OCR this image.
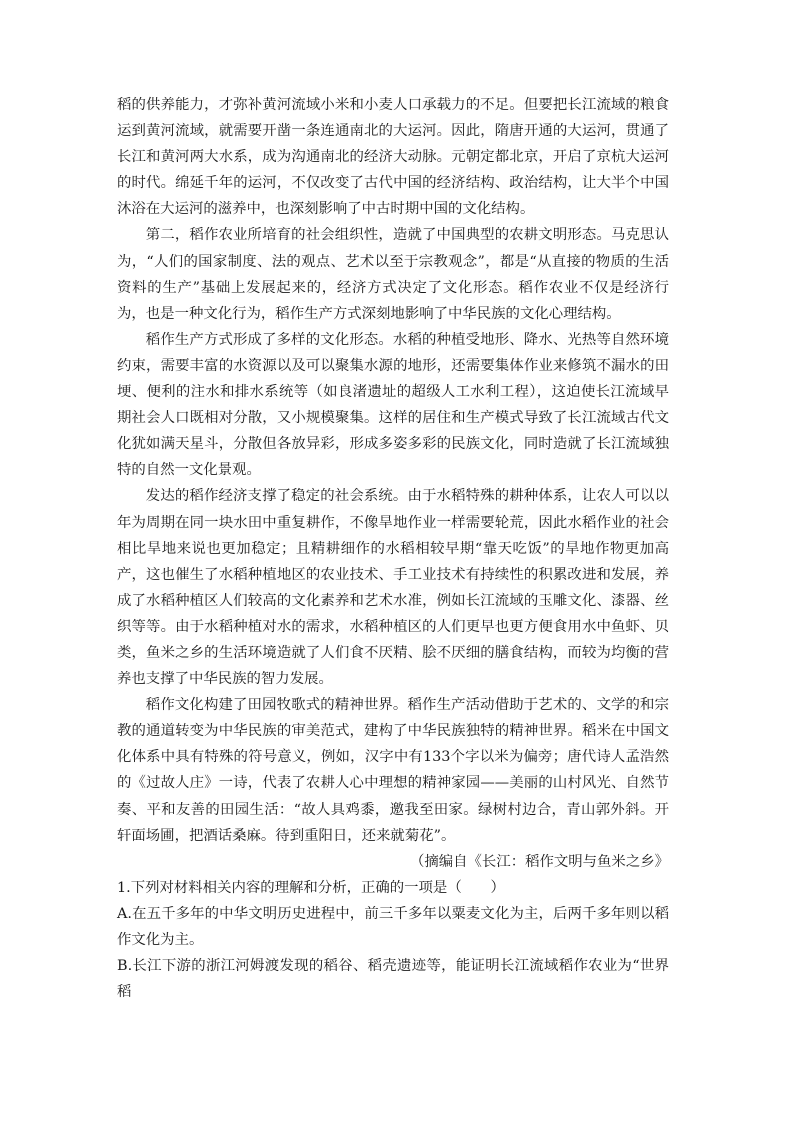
稻的供养能力，才弥补黄河流域小米和小麦人口承载力的不足。但要把长江流域的粮食运到黄河流域，就需要开凿一条连通南北的大运河。因此，隋唐开通的大运河，贯通了长江和黄河两大水系，成为沟通南北的经济大动脉。元朝定都北京，开启了京杭大运河的时代。绵延千年的运河，不仅改变了古代中国的经济结构、政治结构，让大半个中国沐浴在大运河的滋养中，也深刻影响了中古时期中国的文化结构。

第二，稻作农业所培育的社会组织性，造就了中国典型的农耕文明形态。马克思认为，“人们的国家制度、法的观点、艺术以至于宗教观念”，都是“从直接的物质的生活资料的生产”基础上发展起来的，经济方式决定了文化形态。稻作农业不仅是经济行为，也是一种文化行为，稻作生产方式深刻地影响了中华民族的文化心理结构。

稻作生产方式形成了多样的文化形态。水稻的种植受地形、降水、光热等自然环境约束，需要丰富的水资源以及可以聚集水源的地形，还需要集体作业来修筑不漏水的田埂、便利的注水和排水系统等（如良渚遗址的超级人工水利工程），这迫使长江流域早期社会人口既相对分散，又小规模聚集。这样的居住和生产模式导致了长江流域古代文化犹如满天星斗，分散但各放异彩，形成多姿多彩的民族文化，同时造就了长江流域独特的自然一文化景观。

发达的稻作经济支撑了稳定的社会系统。由于水稻特殊的耕种体系，让农人可以以年为周期在同一块水田中重复耕作，不像旱地作业一样需要轮荒，因此水稻作业的社会相比旱地来说也更加稳定；且精耕细作的水稻相较早期“靠天吃饭”的旱地作物更加高产，这也催生了水稻种植地区的农业技术、手工业技术有持续性的积累改进和发展，养成了水稻种植区人们较高的文化素养和艺术水准，例如长江流域的玉雕文化、漆器、丝织等等。由于水稻种植对水的需求，水稻种植区的人们更早也更方便食用水中鱼虾、贝类，鱼米之乡的生活环境造就了人们食不厌精、脍不厌细的膳食结构，而较为均衡的营养也支撑了中华民族的智力发展。

稻作文化构建了田园牧歌式的精神世界。稻作生产活动借助于艺术的、文学的和宗教的通道转变为中华民族的审美范式，建构了中华民族独特的精神世界。稻米在中国文化体系中具有特殊的符号意义，例如，汉字中有133个字以米为偏旁；唐代诗人孟浩然的《过故人庄》一诗，代表了农耕人心中理想的精神家园——美丽的山村风光、自然节奏、平和友善的田园生活：“故人具鸡黍，邀我至田家。绿树村边合，青山郭外斜。开轩面场圃，把酒话桑麻。待到重阳日，还来就菊花”。

（摘编自《长江：稻作文明与鱼米之乡》

1.下列对材料相关内容的理解和分析，正确的一项是（　　）

A.在五千多年的中华文明历史进程中，前三千多年以粟麦文化为主，后两千多年则以稻作文化为主。

B.长江下游的浙江河姆渡发现的稻谷、稻壳遗迹等，能证明长江流域稻作农业为“世界稻
